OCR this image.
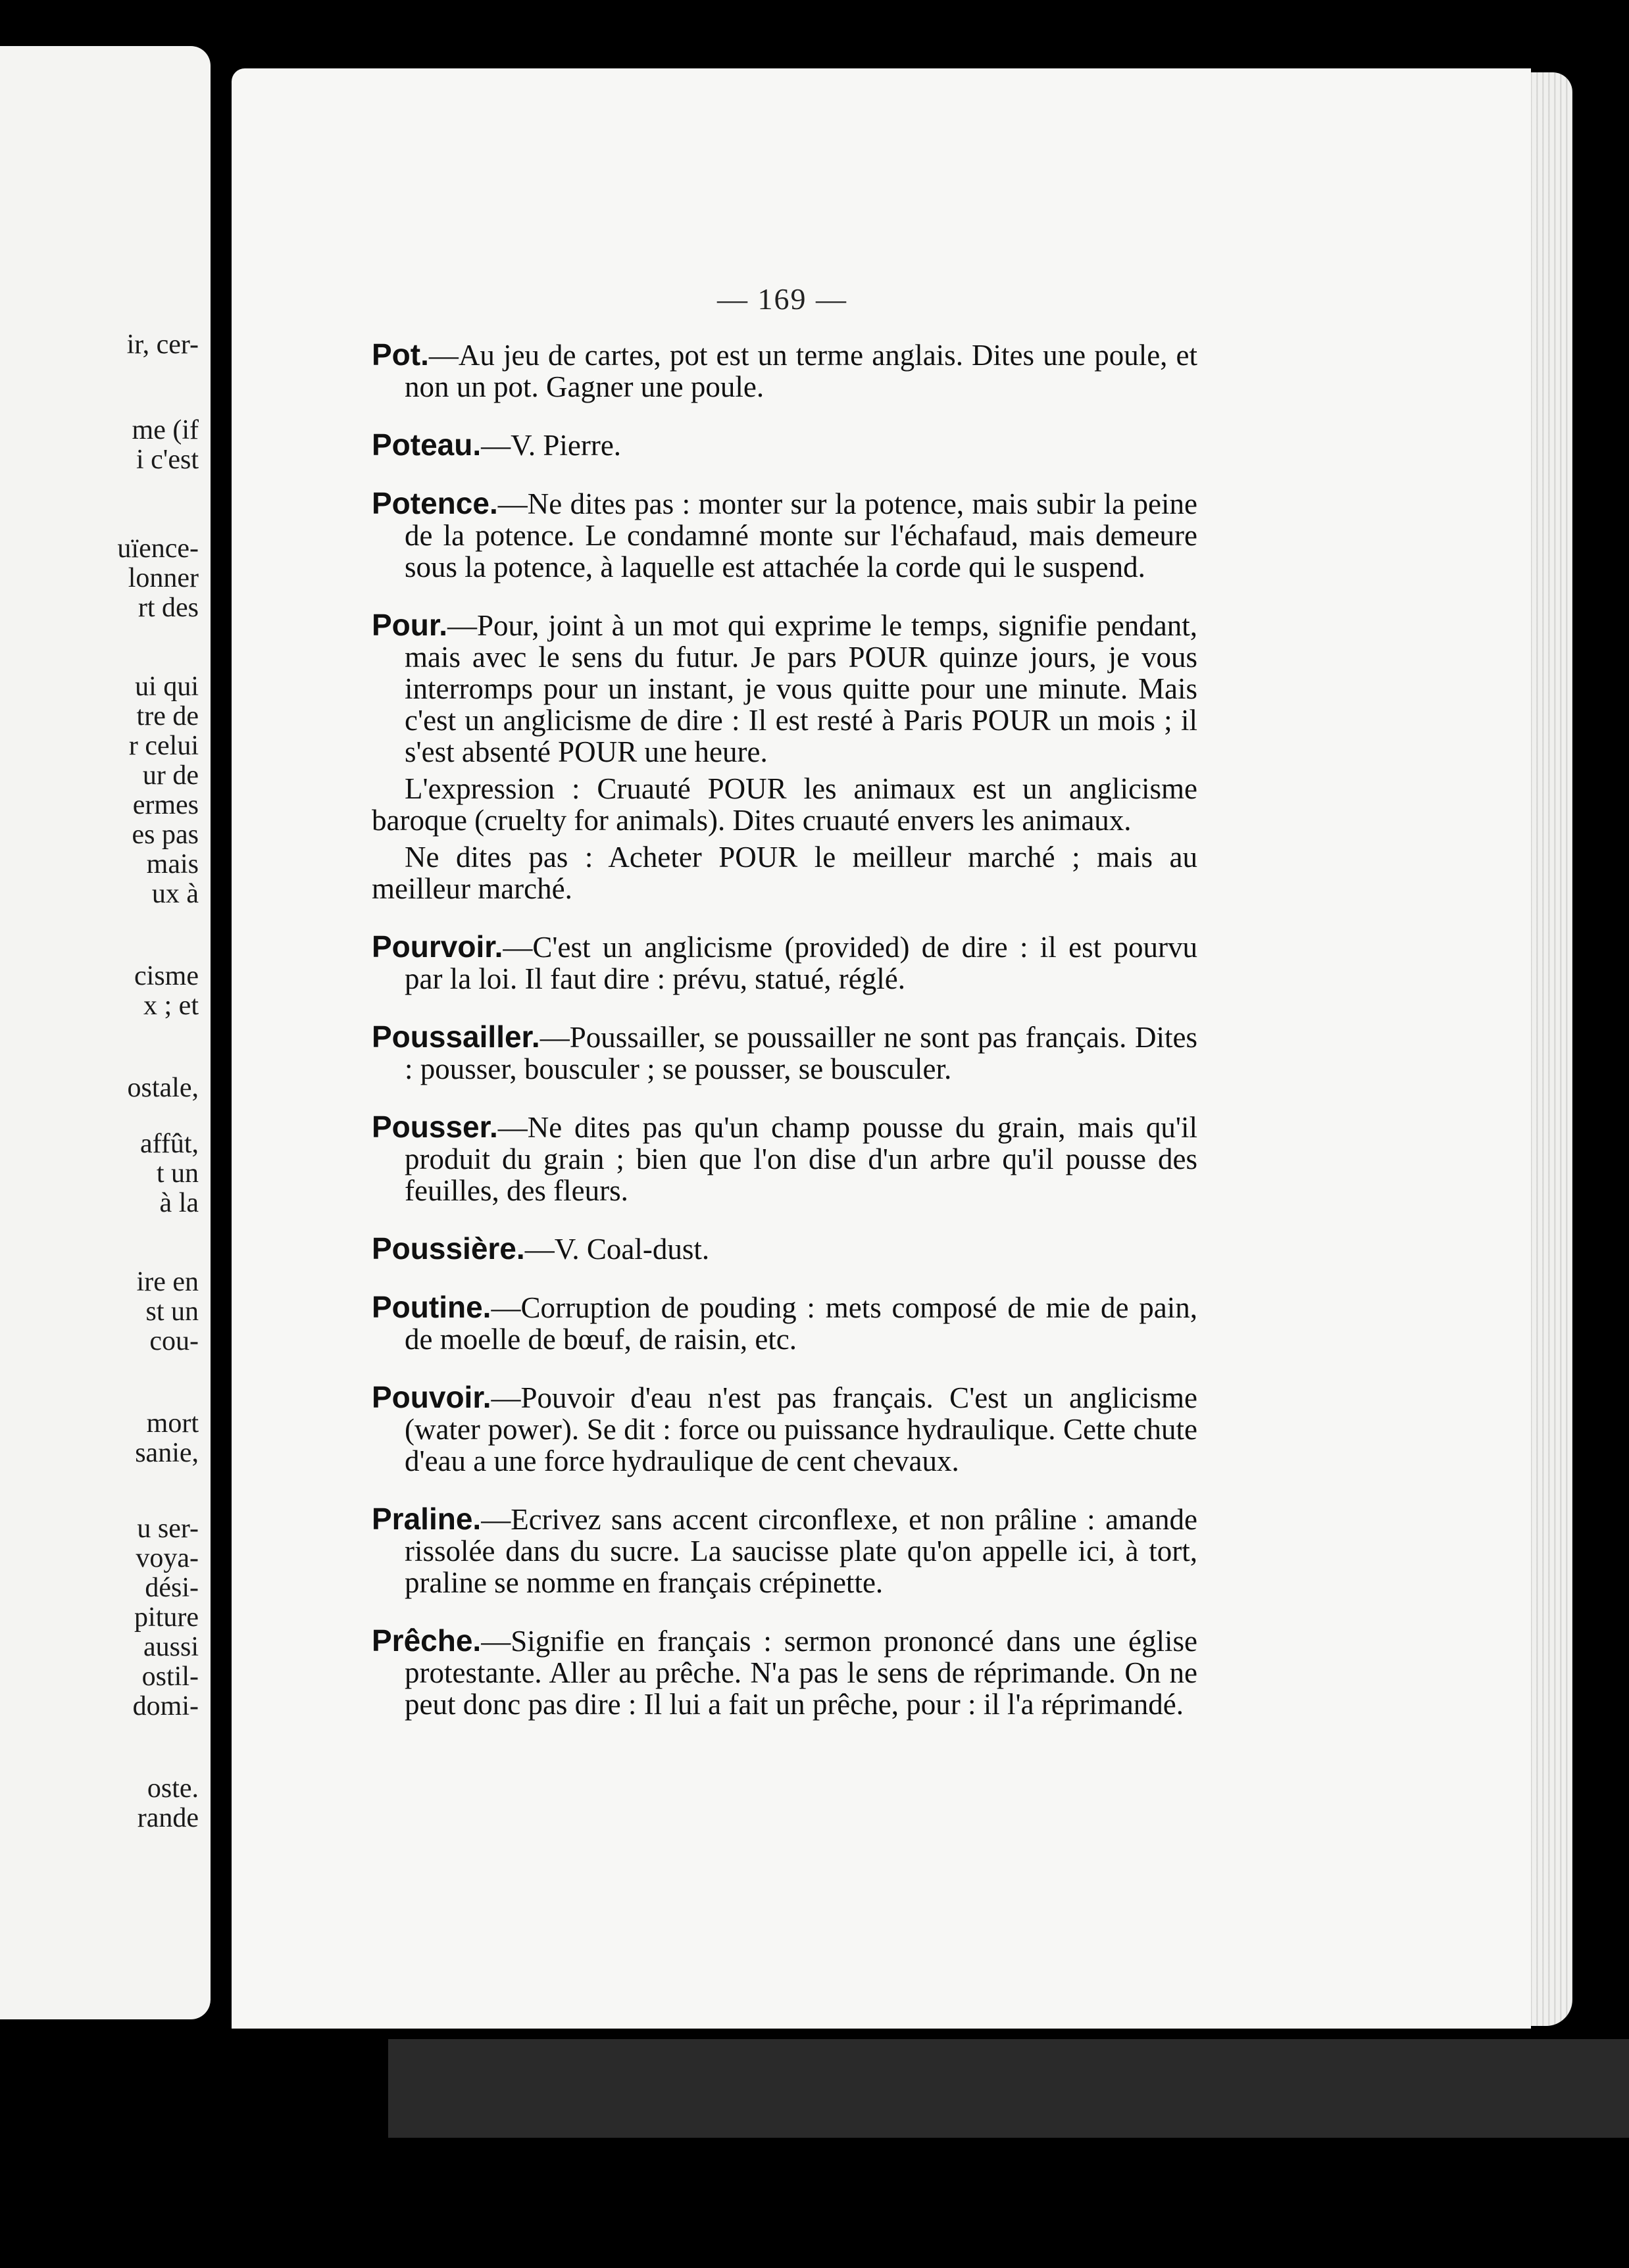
ir, cer-
me (if
i c'est
uïence-
lonner
rt des
ui qui
tre de
r celui
ur de
ermes
es pas
mais
ux à
cisme
x ; et
ostale,
affût,
t un
à la
ire en
st un
cou-
mort
sanie,
u ser-
voya-
dési-
piture
aussi
ostil-
domi-
oste.
rande
— 169 —

Pot.—Au jeu de cartes, pot est un terme anglais. Dites une poule, et non un pot. Gagner une poule.

Poteau.—V. Pierre.

Potence.—Ne dites pas : monter sur la potence, mais subir la peine de la potence. Le condamné monte sur l'échafaud, mais demeure sous la potence, à laquelle est attachée la corde qui le suspend.

Pour.—Pour, joint à un mot qui exprime le temps, signifie pendant, mais avec le sens du futur. Je pars POUR quinze jours, je vous interromps pour un instant, je vous quitte pour une minute. Mais c'est un anglicisme de dire : Il est resté à Paris POUR un mois ; il s'est absenté POUR une heure.

L'expression : Cruauté POUR les animaux est un anglicisme baroque (cruelty for animals). Dites cruauté envers les animaux.

Ne dites pas : Acheter POUR le meilleur marché ; mais au meilleur marché.

Pourvoir.—C'est un anglicisme (provided) de dire : il est pourvu par la loi. Il faut dire : prévu, statué, réglé.

Poussailler.—Poussailler, se poussailler ne sont pas français. Dites : pousser, bousculer ; se pousser, se bousculer.

Pousser.—Ne dites pas qu'un champ pousse du grain, mais qu'il produit du grain ; bien que l'on dise d'un arbre qu'il pousse des feuilles, des fleurs.

Poussière.—V. Coal-dust.

Poutine.—Corruption de pouding : mets composé de mie de pain, de moelle de bœuf, de raisin, etc.

Pouvoir.—Pouvoir d'eau n'est pas français. C'est un anglicisme (water power). Se dit : force ou puissance hydraulique. Cette chute d'eau a une force hydraulique de cent chevaux.

Praline.—Ecrivez sans accent circonflexe, et non prâline : amande rissolée dans du sucre. La saucisse plate qu'on appelle ici, à tort, praline se nomme en français crépinette.

Prêche.—Signifie en français : sermon prononcé dans une église protestante. Aller au prêche. N'a pas le sens de réprimande. On ne peut donc pas dire : Il lui a fait un prêche, pour : il l'a réprimandé.
